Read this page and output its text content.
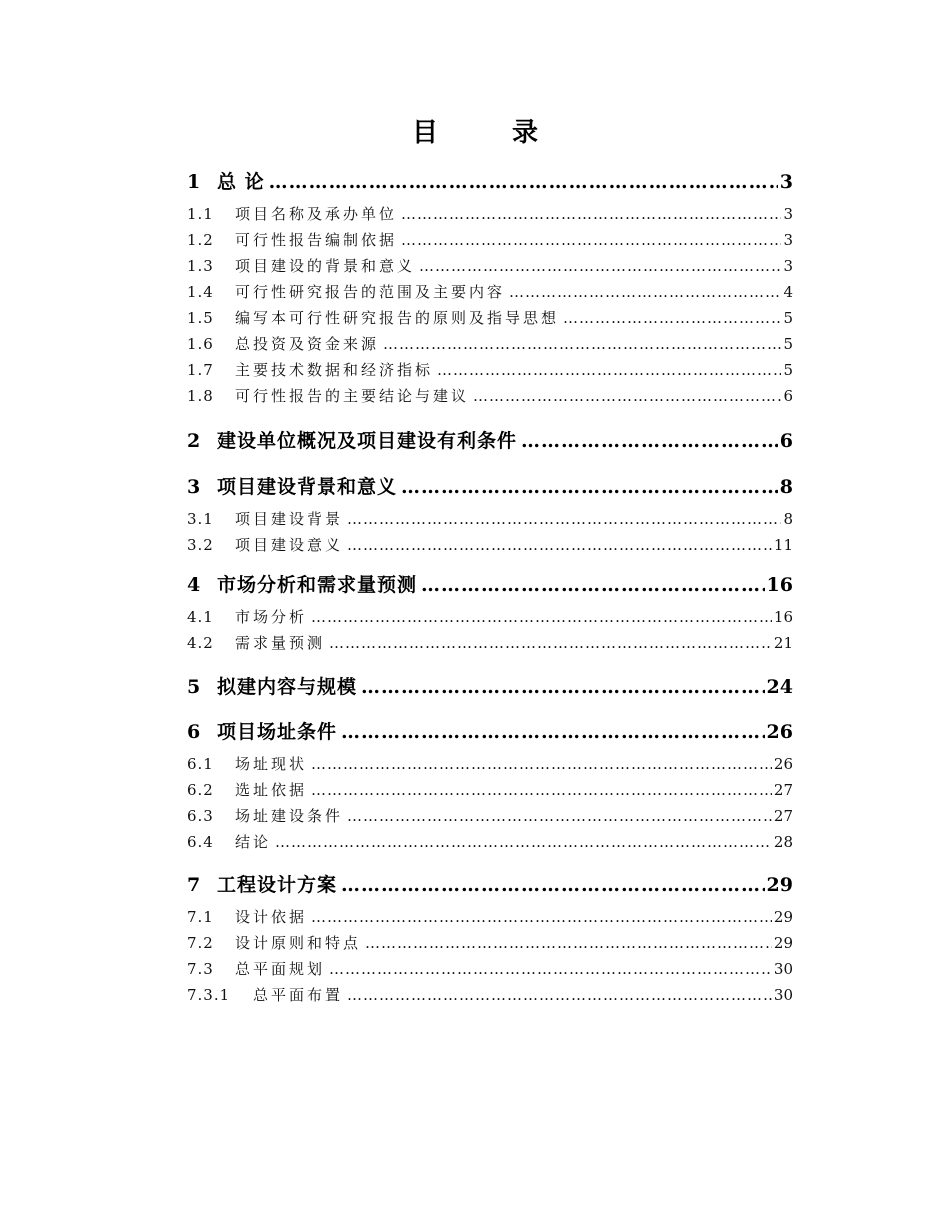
目　录
1 总 论 …………………………………………………………………………………………………………………………………………	3
1.1	项目名称及承办单位 …………………………………………………………………………………………………………………………………………	3
1.2	可行性报告编制依据 …………………………………………………………………………………………………………………………………………	3
1.3	项目建设的背景和意义 …………………………………………………………………………………………………………………………………………	3
1.4	可行性研究报告的范围及主要内容 …………………………………………………………………………………………………………………………………………	4
1.5	编写本可行性研究报告的原则及指导思想 …………………………………………………………………………………………………………………………………………	5
1.6	总投资及资金来源 …………………………………………………………………………………………………………………………………………	5
1.7	主要技术数据和经济指标 …………………………………………………………………………………………………………………………………………	5
1.8	可行性报告的主要结论与建议 …………………………………………………………………………………………………………………………………………	6
2 建设单位概况及项目建设有利条件 …………………………………………………………………………………………………………………………………………	6
3 项目建设背景和意义 …………………………………………………………………………………………………………………………………………	8
3.1	项目建设背景 …………………………………………………………………………………………………………………………………………	8
3.2	项目建设意义 …………………………………………………………………………………………………………………………………………	11
4 市场分析和需求量预测 …………………………………………………………………………………………………………………………………………	16
4.1	市场分析 …………………………………………………………………………………………………………………………………………	16
4.2	需求量预测 …………………………………………………………………………………………………………………………………………	21
5 拟建内容与规模 …………………………………………………………………………………………………………………………………………	24
6 项目场址条件 …………………………………………………………………………………………………………………………………………	26
6.1	场址现状 …………………………………………………………………………………………………………………………………………	26
6.2	选址依据 …………………………………………………………………………………………………………………………………………	27
6.3	场址建设条件 …………………………………………………………………………………………………………………………………………	27
6.4	结论 …………………………………………………………………………………………………………………………………………	28
7 工程设计方案 …………………………………………………………………………………………………………………………………………	29
7.1	设计依据 …………………………………………………………………………………………………………………………………………	29
7.2	设计原则和特点 …………………………………………………………………………………………………………………………………………	29
7.3	总平面规划 …………………………………………………………………………………………………………………………………………	30
7.3.1	总平面布置 …………………………………………………………………………………………………………………………………………	30
